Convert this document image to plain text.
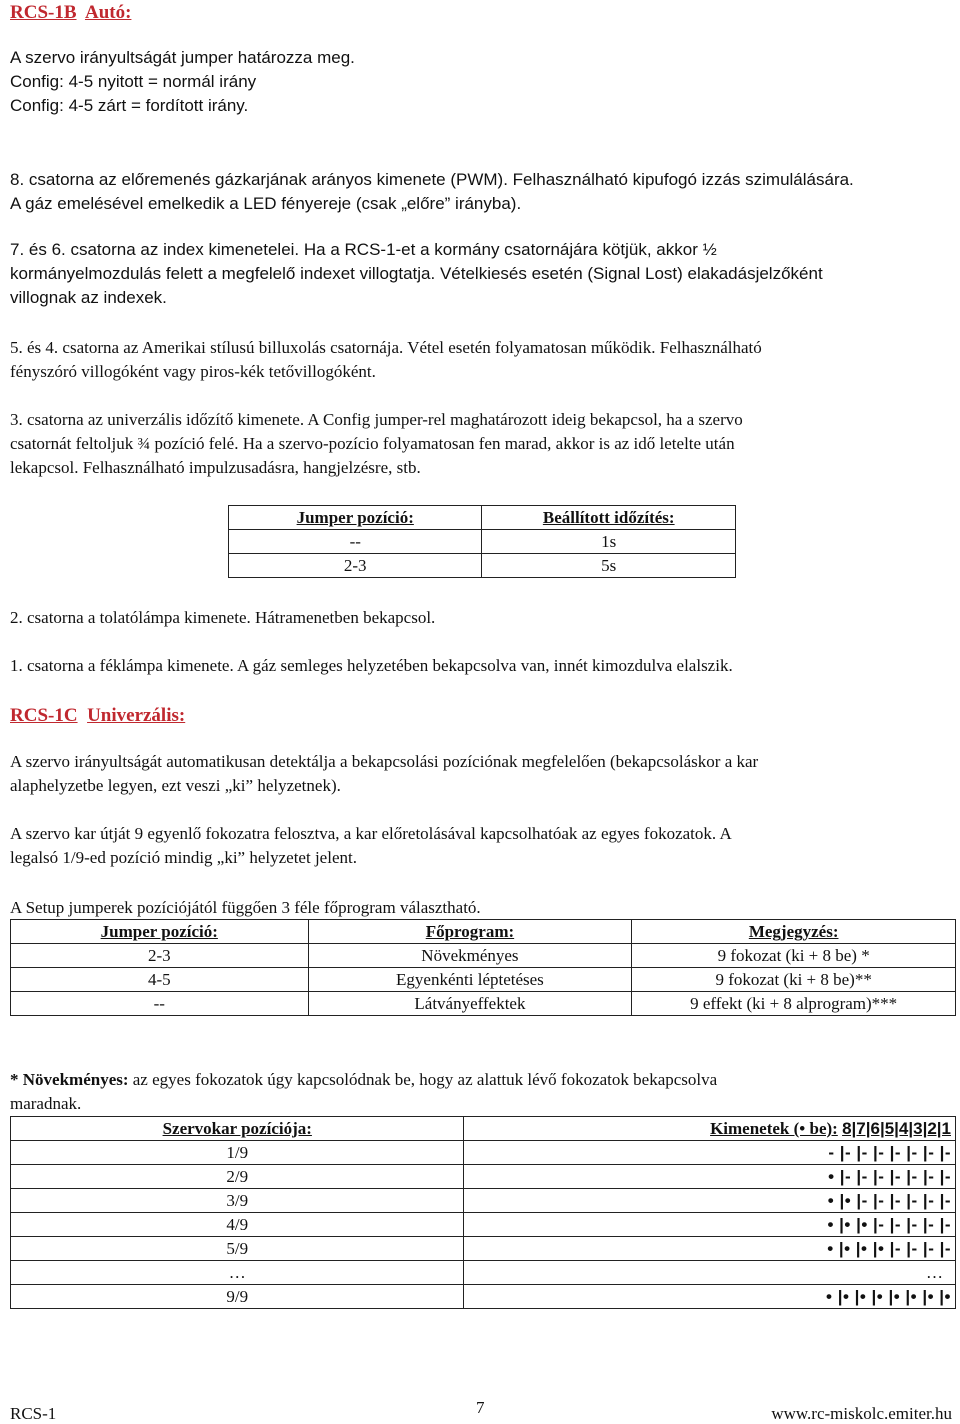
RCS-1B Autó:
A szervo irányultságát jumper határozza meg.
Config: 4-5 nyitott = normál irány
Config: 4-5 zárt = fordított irány.
8. csatorna az előremenés gázkarjának arányos kimenete (PWM). Felhasználható kipufogó izzás szimulálására.
A gáz emelésével emelkedik a LED fényereje (csak „előre” irányba).
7. és 6. csatorna az index kimenetelei. Ha a RCS-1-et a kormány csatornájára kötjük, akkor ½
kormányelmozdulás felett a megfelelő indexet villogtatja. Vételkiesés esetén (Signal Lost) elakadásjelzőként
villognak az indexek.
5. és 4. csatorna az Amerikai stílusú billuxolás csatornája. Vétel esetén folyamatosan működik. Felhasználható
fényszóró villogóként vagy piros-kék tetővillogóként.
3. csatorna az univerzális időzítő kimenete. A Config jumper-rel maghatározott ideig bekapcsol, ha a szervo
csatornát feltoljuk ¾ pozíció felé. Ha a szervo-pozício folyamatosan fen marad, akkor is az idő letelte után
lekapcsol. Felhasználható impulzusadásra, hangjelzésre, stb.
Jumper pozíció:	Beállított időzítés:
--	1s
2-3	5s
2. csatorna a tolatólámpa kimenete. Hátramenetben bekapcsol.
1. csatorna a féklámpa kimenete. A gáz semleges helyzetében bekapcsolva van, innét kimozdulva elalszik.
RCS-1C Univerzális:
A szervo irányultságát automatikusan detektálja a bekapcsolási pozíciónak megfelelően (bekapcsoláskor a kar
alaphelyzetbe legyen, ezt veszi „ki” helyzetnek).
A szervo kar útját 9 egyenlő fokozatra felosztva, a kar előretolásával kapcsolhatóak az egyes fokozatok. A
legalsó 1/9-ed pozíció mindig „ki” helyzetet jelent.
A Setup jumperek pozíciójától függően 3 féle főprogram választható.
Jumper pozíció:	Főprogram:	Megjegyzés:
2-3	Növekményes	9 fokozat (ki + 8 be) *
4-5	Egyenkénti léptetéses	9 fokozat (ki + 8 be)**
--	Látványeffektek	9 effekt (ki + 8 alprogram)***
* Növekményes: az egyes fokozatok úgy kapcsolódnak be, hogy az alattuk lévő fokozatok bekapcsolva
maradnak.
Szervokar pozíciója:	Kimenetek (• be): 8|7|6|5|4|3|2|1
1/9	- |- |- |- |- |- |- |-
2/9	• |- |- |- |- |- |- |-
3/9	• |• |- |- |- |- |- |-
4/9	• |• |• |- |- |- |- |-
5/9	• |• |• |• |- |- |- |-
…	…
9/9	• |• |• |• |• |• |• |•
RCS-1	7	www.rc-miskolc.emiter.hu
